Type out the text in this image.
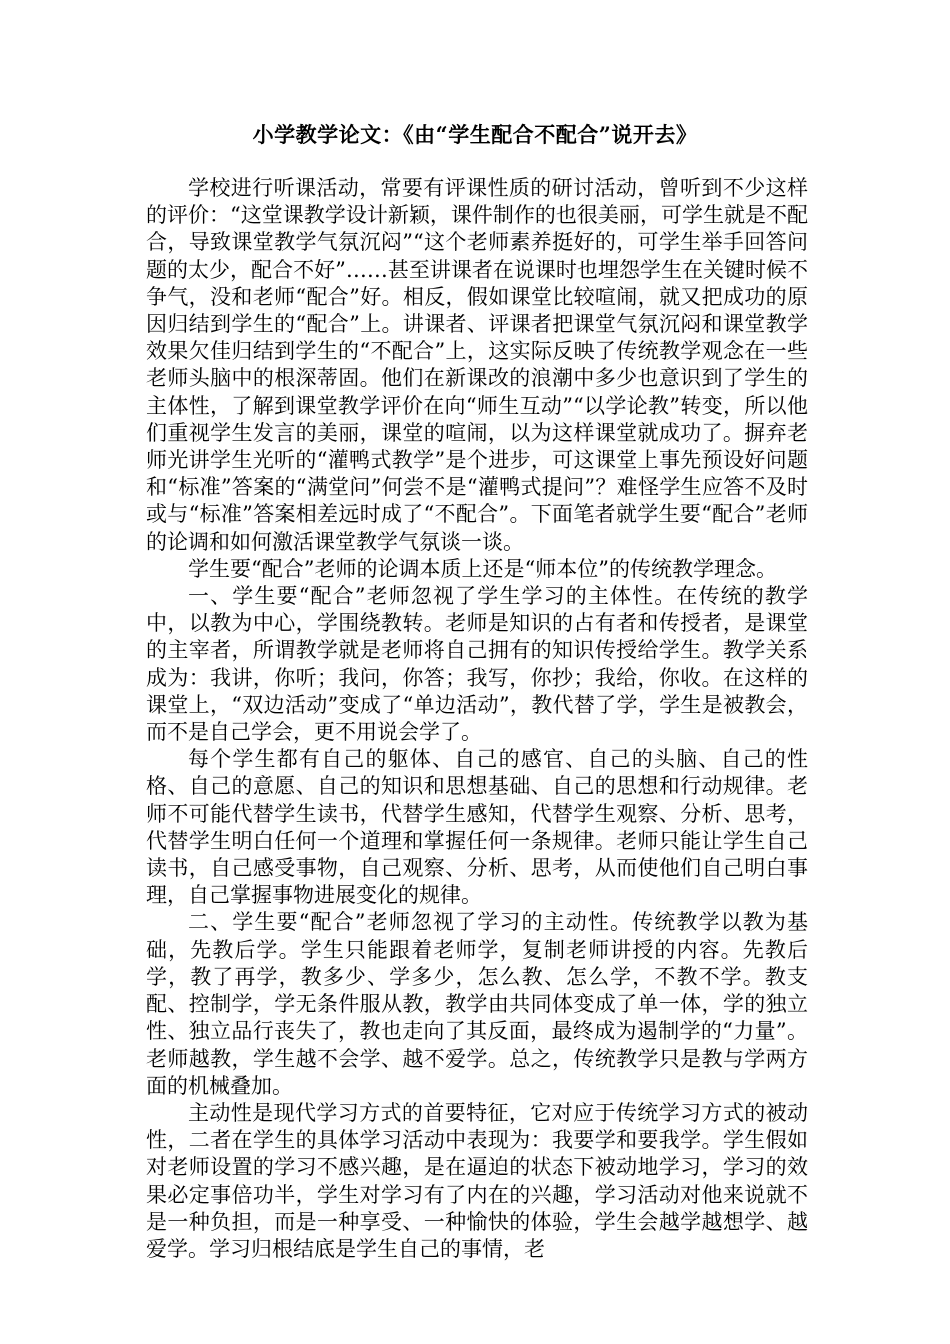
小学教学论文：《由“学生配合不配合”说开去》

学校进行听课活动，常要有评课性质的研讨活动，曾听到不少这样的评价：“这堂课教学设计新颖，课件制作的也很美丽，可学生就是不配合，导致课堂教学气氛沉闷”“这个老师素养挺好的，可学生举手回答问题的太少，配合不好”……甚至讲课者在说课时也埋怨学生在关键时候不争气，没和老师“配合”好。相反，假如课堂比较喧闹，就又把成功的原因归结到学生的“配合”上。讲课者、评课者把课堂气氛沉闷和课堂教学效果欠佳归结到学生的“不配合”上，这实际反映了传统教学观念在一些老师头脑中的根深蒂固。他们在新课改的浪潮中多少也意识到了学生的主体性，了解到课堂教学评价在向“师生互动”“以学论教”转变，所以他们重视学生发言的美丽，课堂的喧闹，以为这样课堂就成功了。摒弃老师光讲学生光听的“灌鸭式教学”是个进步，可这课堂上事先预设好问题和“标准”答案的“满堂问”何尝不是“灌鸭式提问”？难怪学生应答不及时或与“标准”答案相差远时成了“不配合”。下面笔者就学生要“配合”老师的论调和如何激活课堂教学气氛谈一谈。

学生要“配合”老师的论调本质上还是“师本位”的传统教学理念。

一、学生要“配合”老师忽视了学生学习的主体性。在传统的教学中，以教为中心，学围绕教转。老师是知识的占有者和传授者，是课堂的主宰者，所谓教学就是老师将自己拥有的知识传授给学生。教学关系成为：我讲，你听；我问，你答；我写，你抄；我给，你收。在这样的课堂上，“双边活动”变成了“单边活动”，教代替了学，学生是被教会，而不是自己学会，更不用说会学了。

每个学生都有自己的躯体、自己的感官、自己的头脑、自己的性格、自己的意愿、自己的知识和思想基础、自己的思想和行动规律。老师不可能代替学生读书，代替学生感知，代替学生观察、分析、思考，代替学生明白任何一个道理和掌握任何一条规律。老师只能让学生自己读书，自己感受事物，自己观察、分析、思考，从而使他们自己明白事理，自己掌握事物进展变化的规律。

二、学生要“配合”老师忽视了学习的主动性。传统教学以教为基础，先教后学。学生只能跟着老师学，复制老师讲授的内容。先教后学，教了再学，教多少、学多少，怎么教、怎么学，不教不学。教支配、控制学，学无条件服从教，教学由共同体变成了单一体，学的独立性、独立品行丧失了，教也走向了其反面，最终成为遏制学的“力量”。老师越教，学生越不会学、越不爱学。总之，传统教学只是教与学两方面的机械叠加。

主动性是现代学习方式的首要特征，它对应于传统学习方式的被动性，二者在学生的具体学习活动中表现为：我要学和要我学。学生假如对老师设置的学习不感兴趣，是在逼迫的状态下被动地学习，学习的效果必定事倍功半，学生对学习有了内在的兴趣，学习活动对他来说就不是一种负担，而是一种享受、一种愉快的体验，学生会越学越想学、越爱学。学习归根结底是学生自己的事情，老
